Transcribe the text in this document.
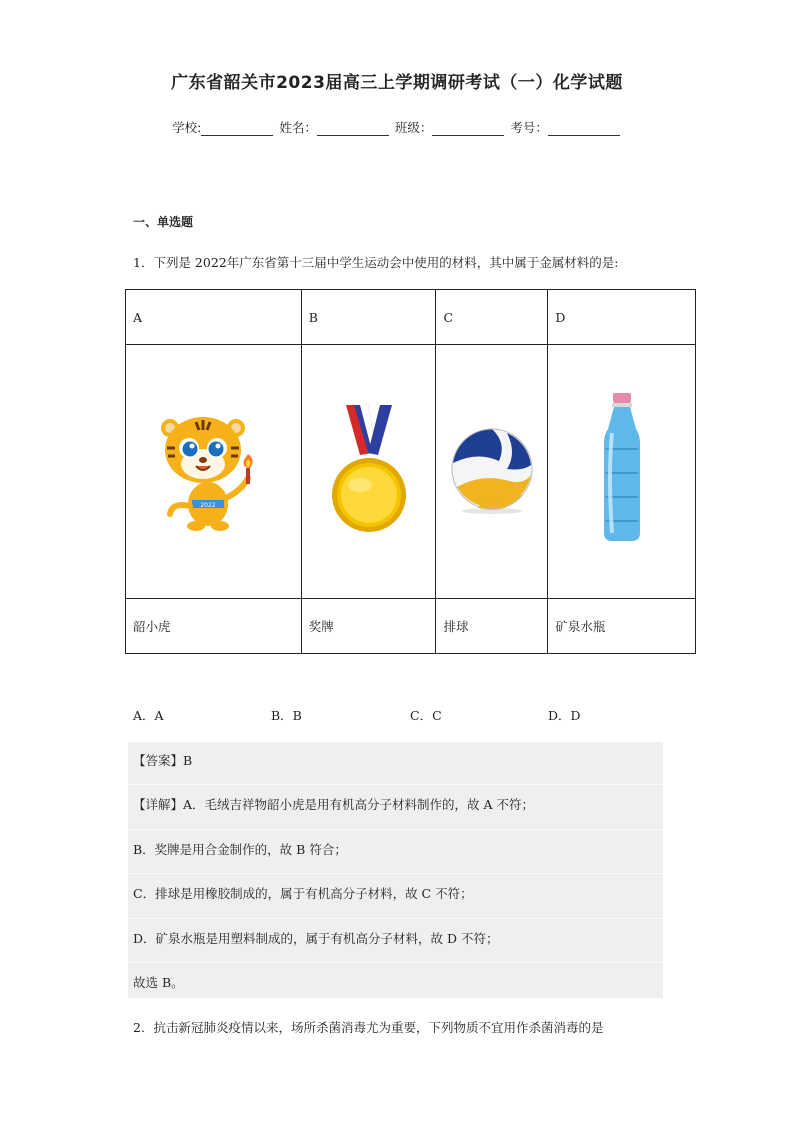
广东省韶关市2023届高三上学期调研考试（一）化学试题
学校:	姓名：	班级：	考号：
一、单选题
1．下列是 2022年广东省第十三届中学生运动会中使用的材料，其中属于金属材料的是:
A	B	C	D

2022

韶小虎	奖牌	排球	矿泉水瓶
A．A	B．B	C．C	D．D
【答案】B
【详解】A．毛绒吉祥物韶小虎是用有机高分子材料制作的，故 A 不符；
B．奖牌是用合金制作的，故 B 符合；
C．排球是用橡胶制成的，属于有机高分子材料，故 C 不符；
D．矿泉水瓶是用塑料制成的，属于有机高分子材料，故 D 不符；
故选 B。
2．抗击新冠肺炎疫情以来，场所杀菌消毒尤为重要，下列物质不宜用作杀菌消毒的是
